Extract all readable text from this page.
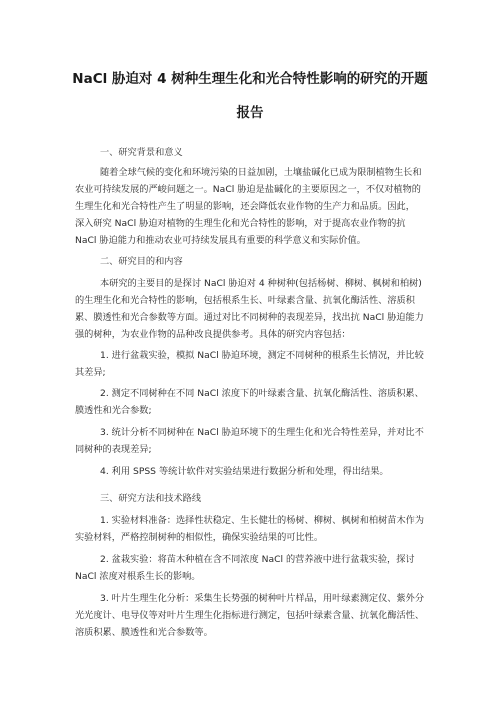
NaCl 胁迫对 4 树种生理生化和光合特性影响的研究的开题
报告
一、研究背景和意义
随着全球气候的变化和环境污染的日益加剧，土壤盐碱化已成为限制植物生长和
农业可持续发展的严峻问题之一。NaCl 胁迫是盐碱化的主要原因之一，不仅对植物的
生理生化和光合特性产生了明显的影响，还会降低农业作物的生产力和品质。因此，
深入研究 NaCl 胁迫对植物的生理生化和光合特性的影响，对于提高农业作物的抗
NaCl 胁迫能力和推动农业可持续发展具有重要的科学意义和实际价值。
二、研究目的和内容
本研究的主要目的是探讨 NaCl 胁迫对 4 种树种(包括杨树、柳树、枫树和柏树)
的生理生化和光合特性的影响，包括根系生长、叶绿素含量、抗氧化酶活性、溶质积
累、膜透性和光合参数等方面。通过对比不同树种的表现差异，找出抗 NaCl 胁迫能力
强的树种，为农业作物的品种改良提供参考。具体的研究内容包括：
1. 进行盆栽实验，模拟 NaCl 胁迫环境，测定不同树种的根系生长情况，并比较
其差异;
2. 测定不同树种在不同 NaCl 浓度下的叶绿素含量、抗氧化酶活性、溶质积累、
膜透性和光合参数;
3. 统计分析不同树种在 NaCl 胁迫环境下的生理生化和光合特性差异，并对比不
同树种的表现差异;
4. 利用 SPSS 等统计软件对实验结果进行数据分析和处理，得出结果。
三、研究方法和技术路线
1. 实验材料准备：选择性状稳定、生长健壮的杨树、柳树、枫树和柏树苗木作为
实验材料，严格控制树种的相似性，确保实验结果的可比性。
2. 盆栽实验：将苗木种植在含不同浓度 NaCl 的营养液中进行盆栽实验，探讨
NaCl 浓度对根系生长的影响。
3. 叶片生理生化分析：采集生长势强的树种叶片样品，用叶绿素测定仪、紫外分
光光度计、电导仪等对叶片生理生化指标进行测定，包括叶绿素含量、抗氧化酶活性、
溶质积累、膜透性和光合参数等。
